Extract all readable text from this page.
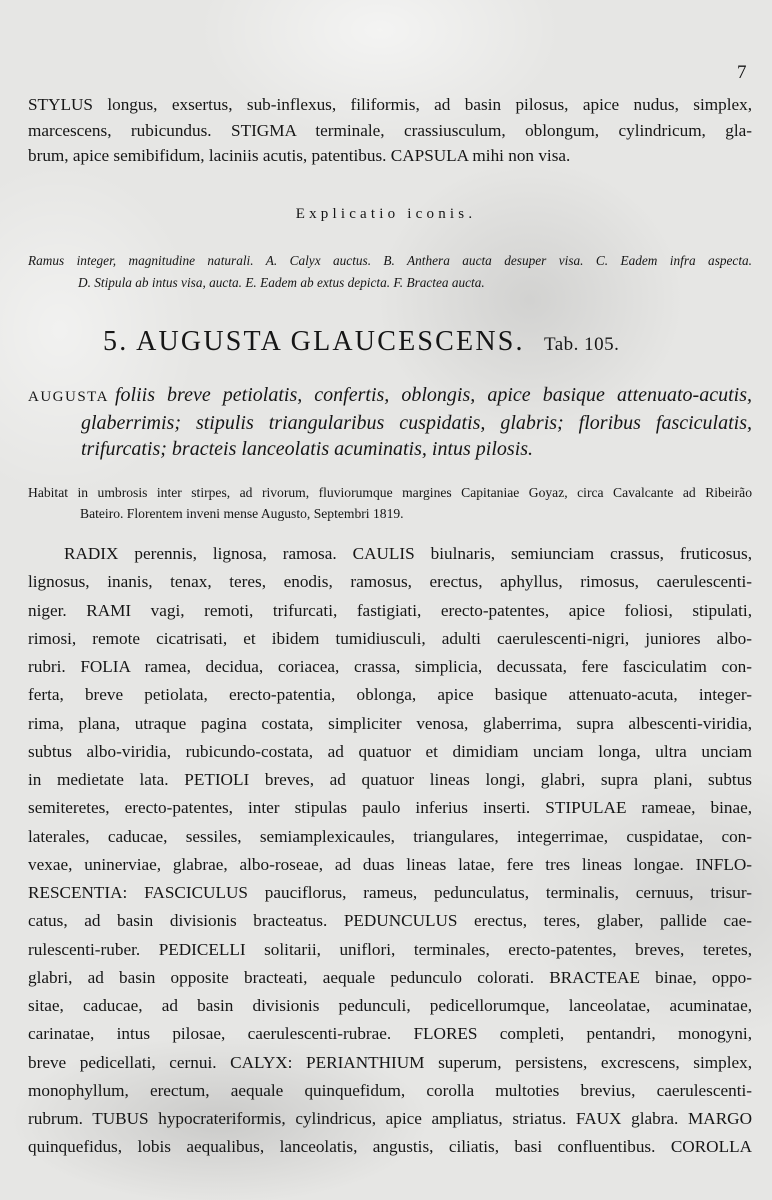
7
STYLUS longus, exsertus, sub-inflexus, filiformis, ad basin pilosus, apice nudus, simplex,
marcescens, rubicundus. STIGMA terminale, crassiusculum, oblongum, cylindricum, gla-
brum, apice semibifidum, laciniis acutis, patentibus. CAPSULA mihi non visa.
Explicatio iconis.
Ramus integer, magnitudine naturali. A. Calyx auctus. B. Anthera aucta desuper visa. C. Eadem infra aspecta.
D. Stipula ab intus visa, aucta. E. Eadem ab extus depicta. F. Bractea aucta.
5. AUGUSTA GLAUCESCENS. Tab. 105.
AUGUSTA foliis breve petiolatis, confertis, oblongis, apice basique attenuato-acutis,
glaberrimis; stipulis triangularibus cuspidatis, glabris; floribus fasciculatis,
trifurcatis; bracteis lanceolatis acuminatis, intus pilosis.
Habitat in umbrosis inter stirpes, ad rivorum, fluviorumque margines Capitaniae Goyaz, circa Cavalcante ad Ribeirão
Bateiro. Florentem inveni mense Augusto, Septembri 1819.
RADIX perennis, lignosa, ramosa. CAULIS biulnaris, semiunciam crassus, fruticosus,
lignosus, inanis, tenax, teres, enodis, ramosus, erectus, aphyllus, rimosus, caerulescenti-
niger. RAMI vagi, remoti, trifurcati, fastigiati, erecto-patentes, apice foliosi, stipulati,
rimosi, remote cicatrisati, et ibidem tumidiusculi, adulti caerulescenti-nigri, juniores albo-
rubri. FOLIA ramea, decidua, coriacea, crassa, simplicia, decussata, fere fasciculatim con-
ferta, breve petiolata, erecto-patentia, oblonga, apice basique attenuato-acuta, integer-
rima, plana, utraque pagina costata, simpliciter venosa, glaberrima, supra albescenti-viridia,
subtus albo-viridia, rubicundo-costata, ad quatuor et dimidiam unciam longa, ultra unciam
in medietate lata. PETIOLI breves, ad quatuor lineas longi, glabri, supra plani, subtus
semiteretes, erecto-patentes, inter stipulas paulo inferius inserti. STIPULAE rameae, binae,
laterales, caducae, sessiles, semiamplexicaules, triangulares, integerrimae, cuspidatae, con-
vexae, uninerviae, glabrae, albo-roseae, ad duas lineas latae, fere tres lineas longae. INFLO-
RESCENTIA: FASCICULUS pauciflorus, rameus, pedunculatus, terminalis, cernuus, trisur-
catus, ad basin divisionis bracteatus. PEDUNCULUS erectus, teres, glaber, pallide cae-
rulescenti-ruber. PEDICELLI solitarii, uniflori, terminales, erecto-patentes, breves, teretes,
glabri, ad basin opposite bracteati, aequale pedunculo colorati. BRACTEAE binae, oppo-
sitae, caducae, ad basin divisionis pedunculi, pedicellorumque, lanceolatae, acuminatae,
carinatae, intus pilosae, caerulescenti-rubrae. FLORES completi, pentandri, monogyni,
breve pedicellati, cernui. CALYX: PERIANTHIUM superum, persistens, excrescens, simplex,
monophyllum, erectum, aequale quinquefidum, corolla multoties brevius, caerulescenti-
rubrum. TUBUS hypocrateriformis, cylindricus, apice ampliatus, striatus. FAUX glabra. MARGO
quinquefidus, lobis aequalibus, lanceolatis, angustis, ciliatis, basi confluentibus. COROLLA
